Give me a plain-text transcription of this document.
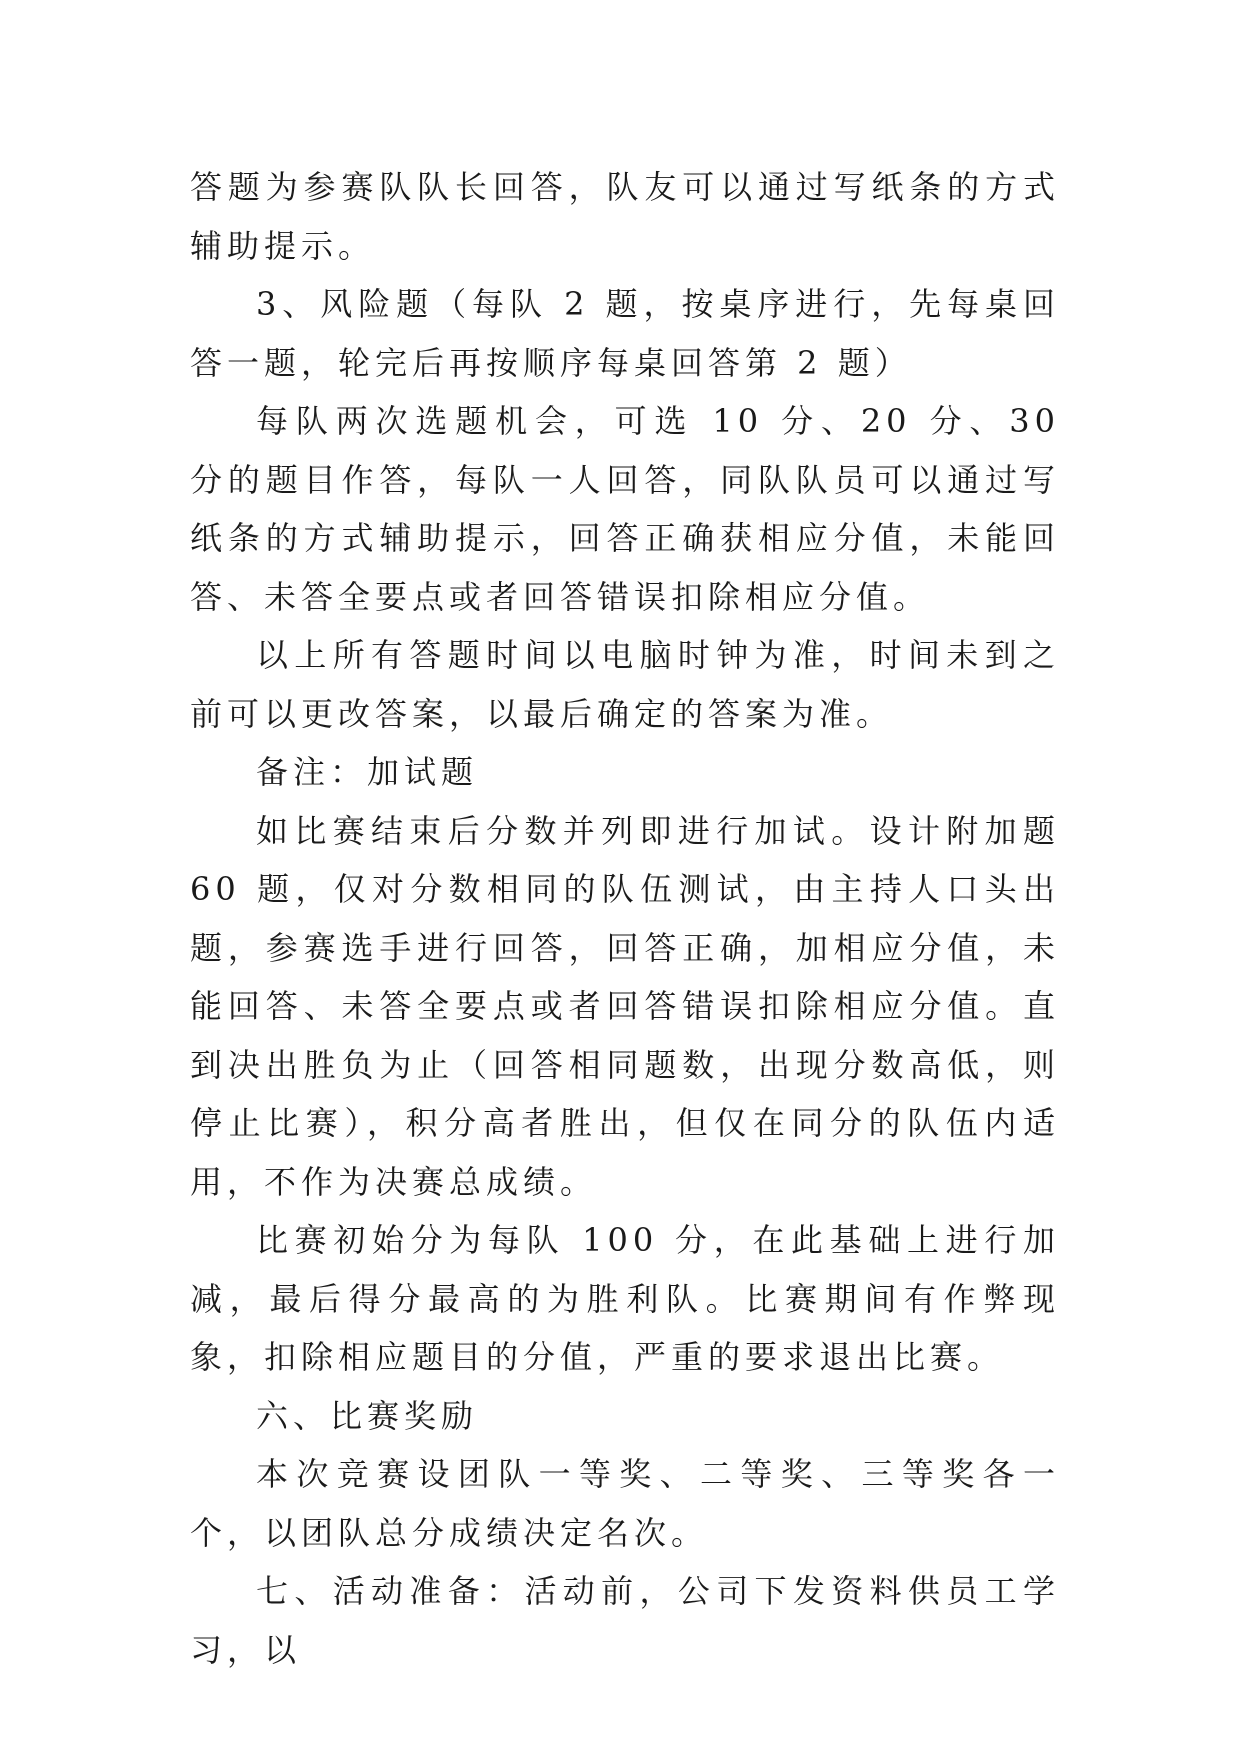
答题为参赛队队长回答，队友可以通过写纸条的方式辅助提示。

3、风险题（每队 2 题，按桌序进行，先每桌回答一题，轮完后再按顺序每桌回答第 2 题）

每队两次选题机会，可选 10 分、20 分、30 分的题目作答，每队一人回答，同队队员可以通过写纸条的方式辅助提示，回答正确获相应分值，未能回答、未答全要点或者回答错误扣除相应分值。

以上所有答题时间以电脑时钟为准，时间未到之前可以更改答案，以最后确定的答案为准。

备注：加试题

如比赛结束后分数并列即进行加试。设计附加题 60 题，仅对分数相同的队伍测试，由主持人口头出题，参赛选手进行回答，回答正确，加相应分值，未能回答、未答全要点或者回答错误扣除相应分值。直到决出胜负为止（回答相同题数，出现分数高低，则停止比赛），积分高者胜出，但仅在同分的队伍内适用，不作为决赛总成绩。

比赛初始分为每队 100 分，在此基础上进行加减，最后得分最高的为胜利队。比赛期间有作弊现象，扣除相应题目的分值，严重的要求退出比赛。

六、比赛奖励

本次竞赛设团队一等奖、二等奖、三等奖各一个，以团队总分成绩决定名次。

七、活动准备：活动前，公司下发资料供员工学习，以
